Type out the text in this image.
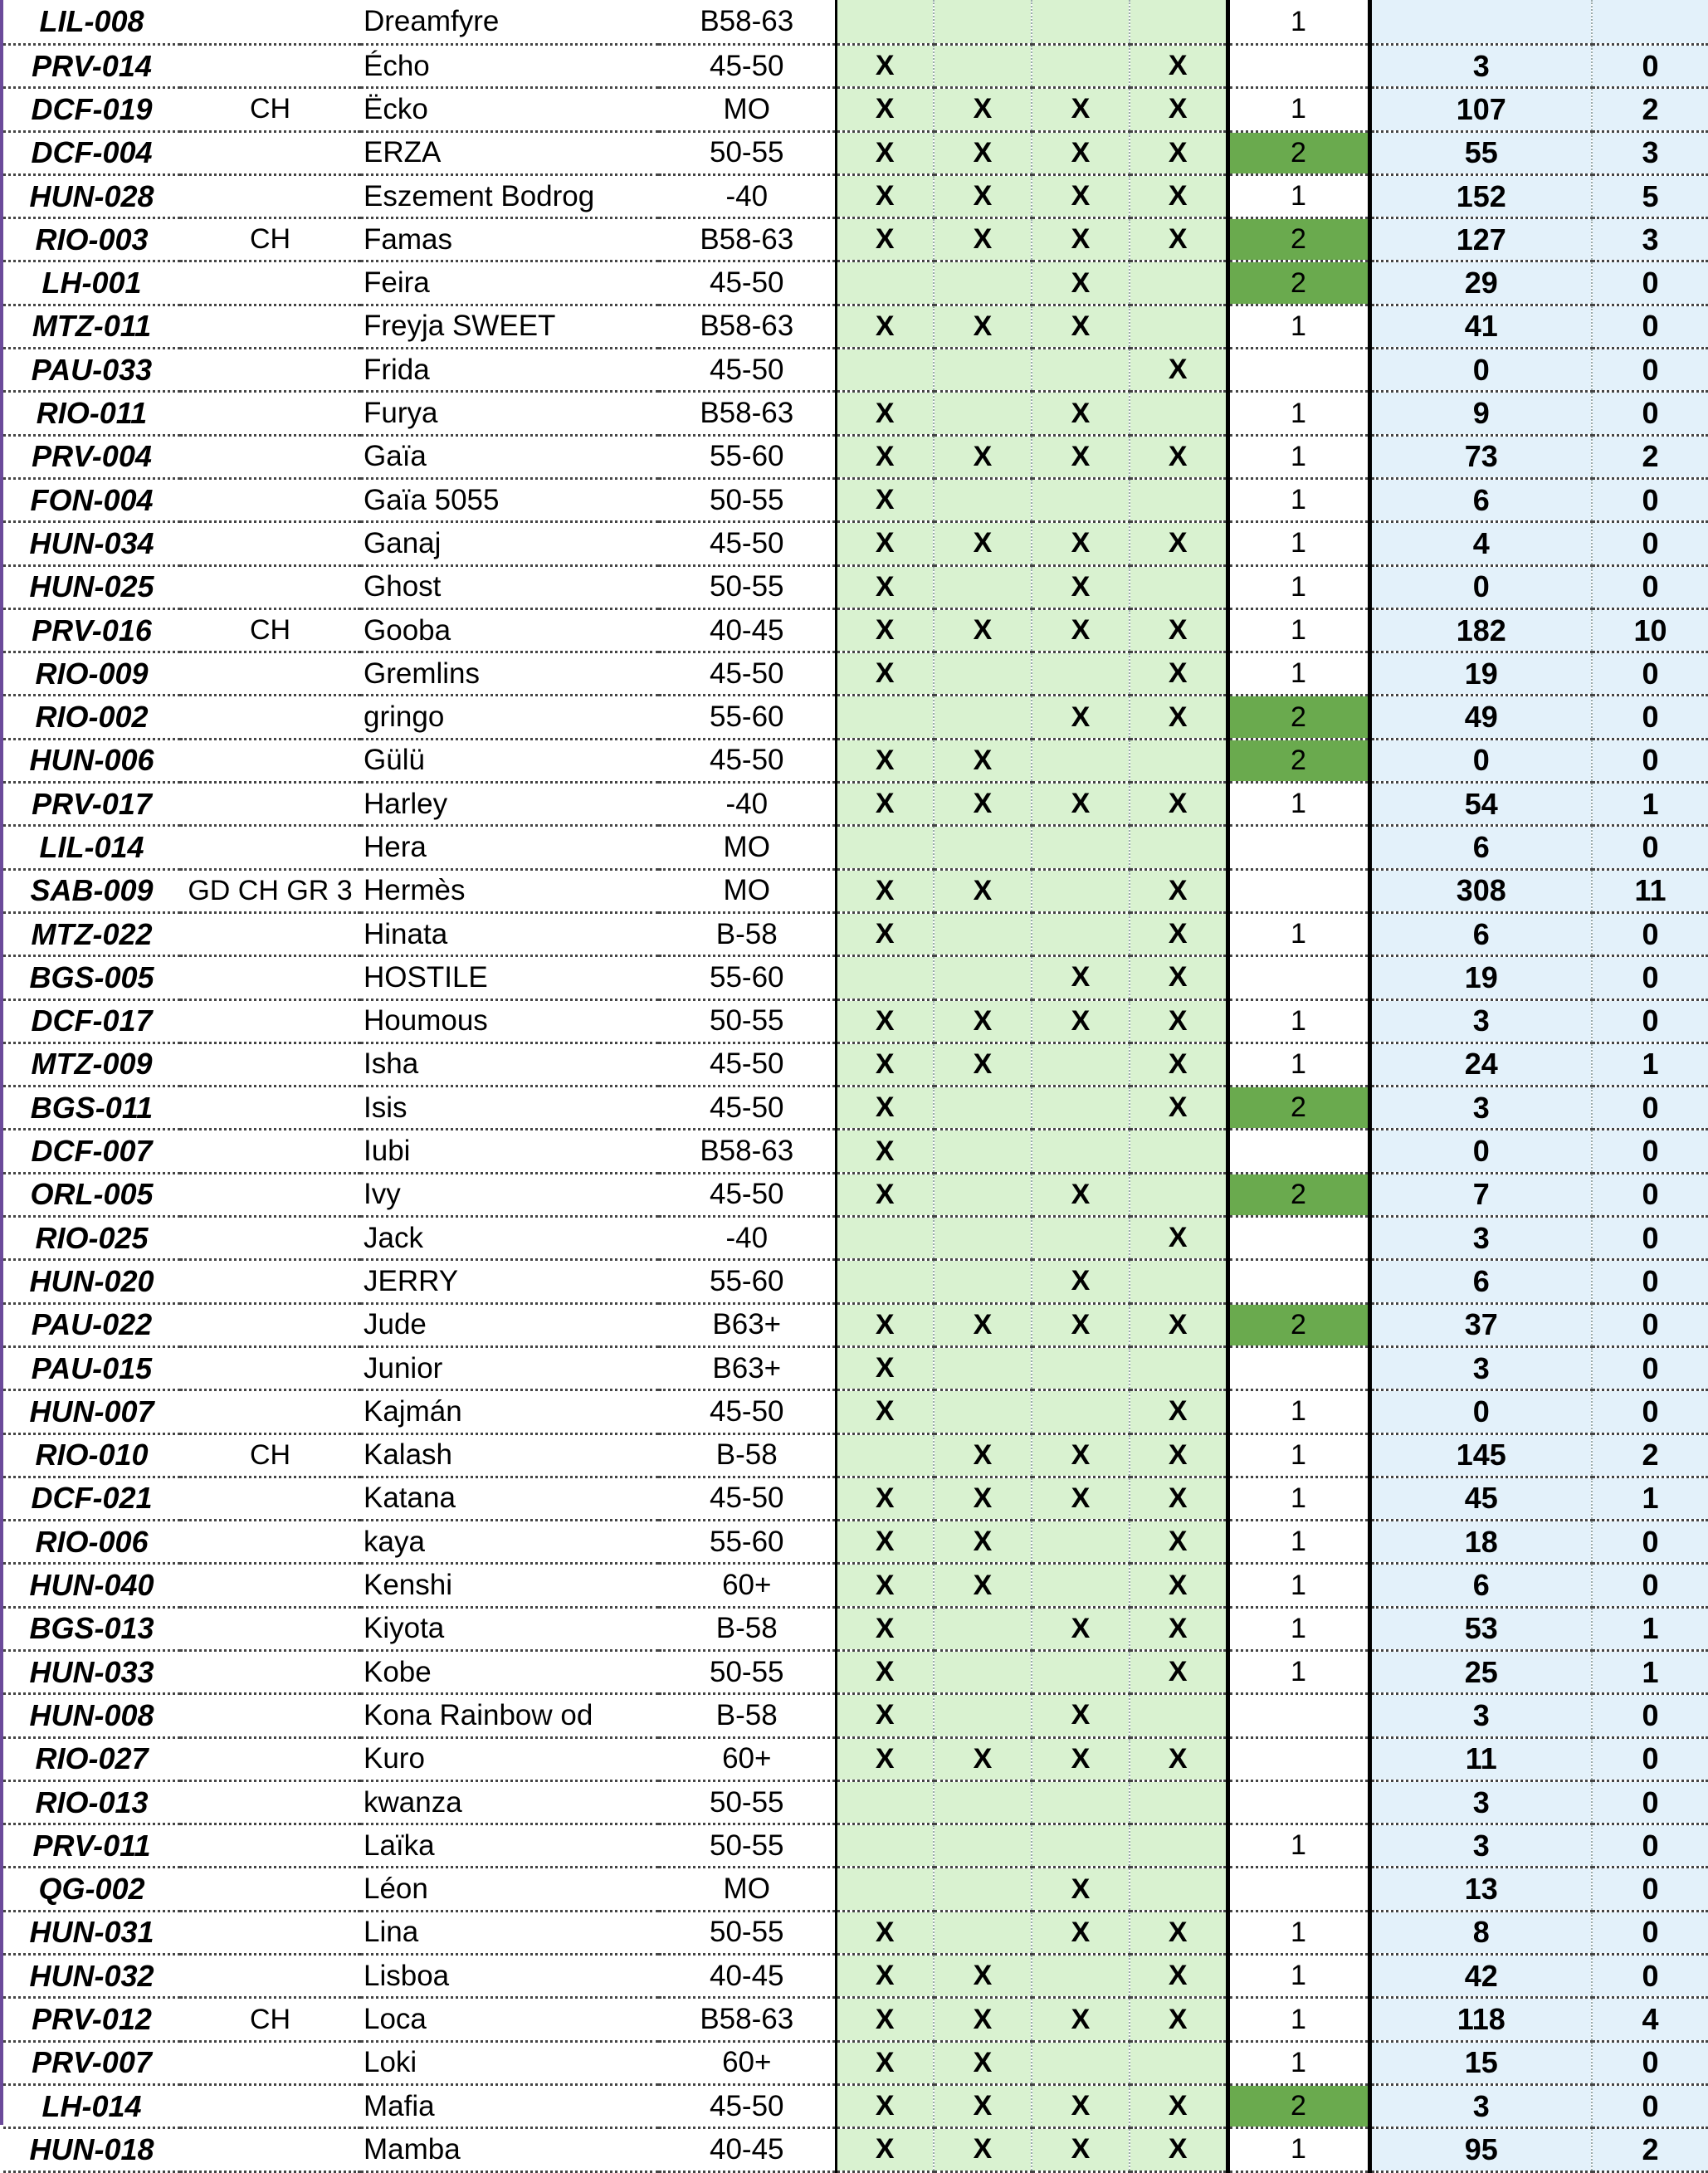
LIL-008		Dreamfyre	B58-63					1		
PRV-014		Écho	45-50	X			X		3	0
DCF-019	CH	Ëcko	MO	X	X	X	X	1	107	2
DCF-004		ERZA	50-55	X	X	X	X	2	55	3
HUN-028		Eszement Bodrog	-40	X	X	X	X	1	152	5
RIO-003	CH	Famas	B58-63	X	X	X	X	2	127	3
LH-001		Feira	45-50			X		2	29	0
MTZ-011		Freyja SWEET	B58-63	X	X	X		1	41	0
PAU-033		Frida	45-50				X		0	0
RIO-011		Furya	B58-63	X		X		1	9	0
PRV-004		Gaïa	55-60	X	X	X	X	1	73	2
FON-004		Gaïa 5055	50-55	X				1	6	0
HUN-034		Ganaj	45-50	X	X	X	X	1	4	0
HUN-025		Ghost	50-55	X		X		1	0	0
PRV-016	CH	Gooba	40-45	X	X	X	X	1	182	10
RIO-009		Gremlins	45-50	X			X	1	19	0
RIO-002		gringo	55-60			X	X	2	49	0
HUN-006		Gülü	45-50	X	X			2	0	0
PRV-017		Harley	-40	X	X	X	X	1	54	1
LIL-014		Hera	MO						6	0
SAB-009	GD CH GR 3	Hermès	MO	X	X		X		308	11
MTZ-022		Hinata	B-58	X			X	1	6	0
BGS-005		HOSTILE	55-60			X	X		19	0
DCF-017		Houmous	50-55	X	X	X	X	1	3	0
MTZ-009		Isha	45-50	X	X		X	1	24	1
BGS-011		Isis	45-50	X			X	2	3	0
DCF-007		Iubi	B58-63	X					0	0
ORL-005		Ivy	45-50	X		X		2	7	0
RIO-025		Jack	-40				X		3	0
HUN-020		JERRY	55-60			X			6	0
PAU-022		Jude	B63+	X	X	X	X	2	37	0
PAU-015		Junior	B63+	X					3	0
HUN-007		Kajmán	45-50	X			X	1	0	0
RIO-010	CH	Kalash	B-58		X	X	X	1	145	2
DCF-021		Katana	45-50	X	X	X	X	1	45	1
RIO-006		kaya	55-60	X	X		X	1	18	0
HUN-040		Kenshi	60+	X	X		X	1	6	0
BGS-013		Kiyota	B-58	X		X	X	1	53	1
HUN-033		Kobe	50-55	X			X	1	25	1
HUN-008		Kona Rainbow od	B-58	X		X			3	0
RIO-027		Kuro	60+	X	X	X	X		11	0
RIO-013		kwanza	50-55						3	0
PRV-011		Laïka	50-55					1	3	0
QG-002		Léon	MO			X			13	0
HUN-031		Lina	50-55	X		X	X	1	8	0
HUN-032		Lisboa	40-45	X	X		X	1	42	0
PRV-012	CH	Loca	B58-63	X	X	X	X	1	118	4
PRV-007		Loki	60+	X	X			1	15	0
LH-014		Mafia	45-50	X	X	X	X	2	3	0
HUN-018		Mamba	40-45	X	X	X	X	1	95	2
